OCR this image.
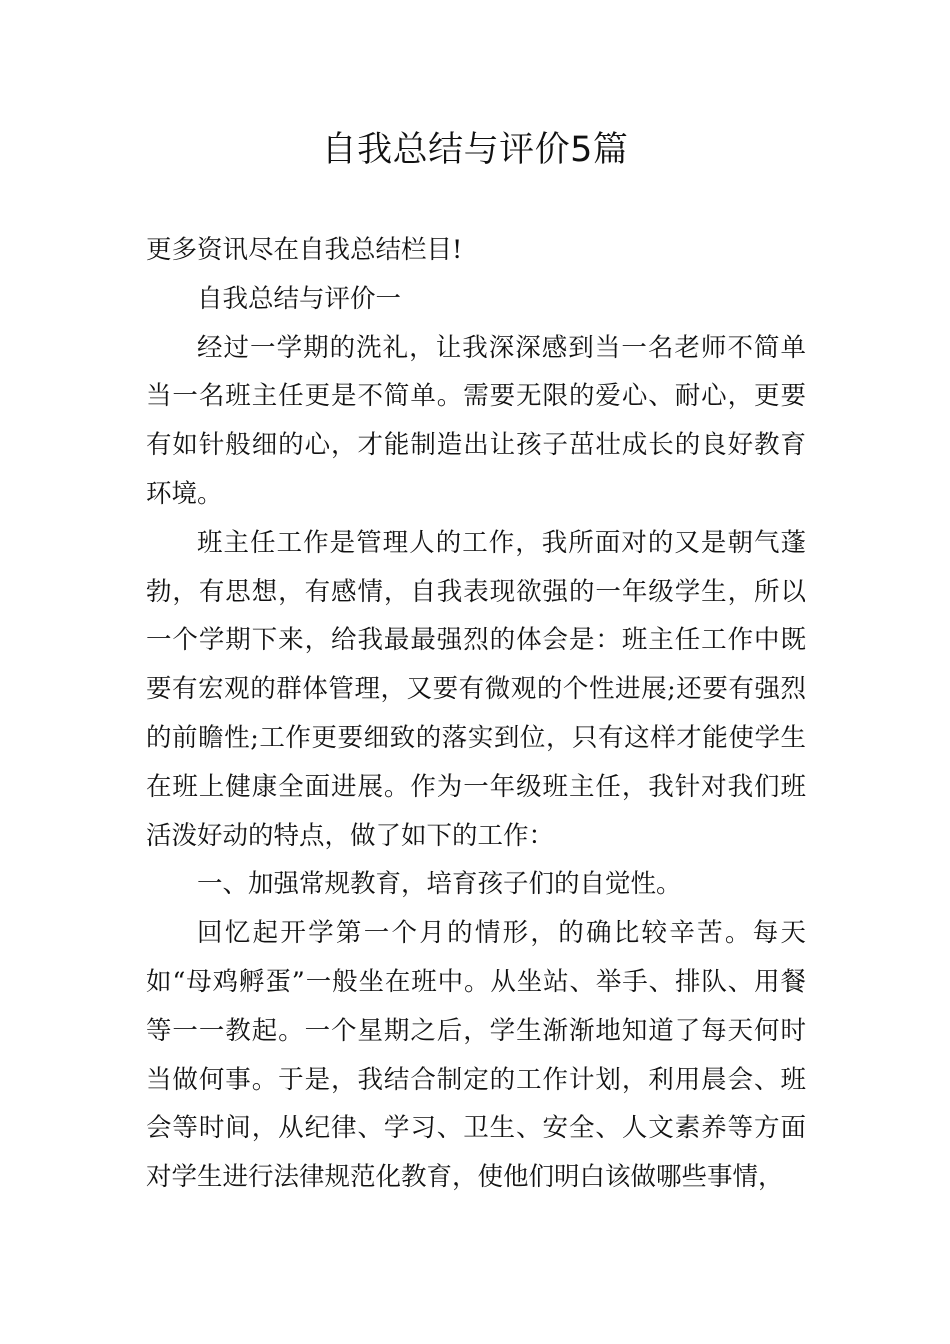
自我总结与评价5篇

更多资讯尽在自我总结栏目!

自我总结与评价一

经过一学期的洗礼，让我深深感到当一名老师不简单当一名班主任更是不简单。需要无限的爱心、耐心，更要有如针般细的心，才能制造出让孩子茁壮成长的良好教育环境。

班主任工作是管理人的工作，我所面对的又是朝气蓬勃，有思想，有感情，自我表现欲强的一年级学生，所以一个学期下来，给我最最强烈的体会是：班主任工作中既要有宏观的群体管理，又要有微观的个性进展;还要有强烈的前瞻性;工作更要细致的落实到位，只有这样才能使学生在班上健康全面进展。作为一年级班主任，我针对我们班活泼好动的特点，做了如下的工作：

一、加强常规教育，培育孩子们的自觉性。

回忆起开学第一个月的情形，的确比较辛苦。每天如“母鸡孵蛋”一般坐在班中。从坐站、举手、排队、用餐等一一教起。一个星期之后，学生渐渐地知道了每天何时当做何事。于是，我结合制定的工作计划，利用晨会、班会等时间，从纪律、学习、卫生、安全、人文素养等方面对学生进行法律规范化教育，使他们明白该做哪些事情，
